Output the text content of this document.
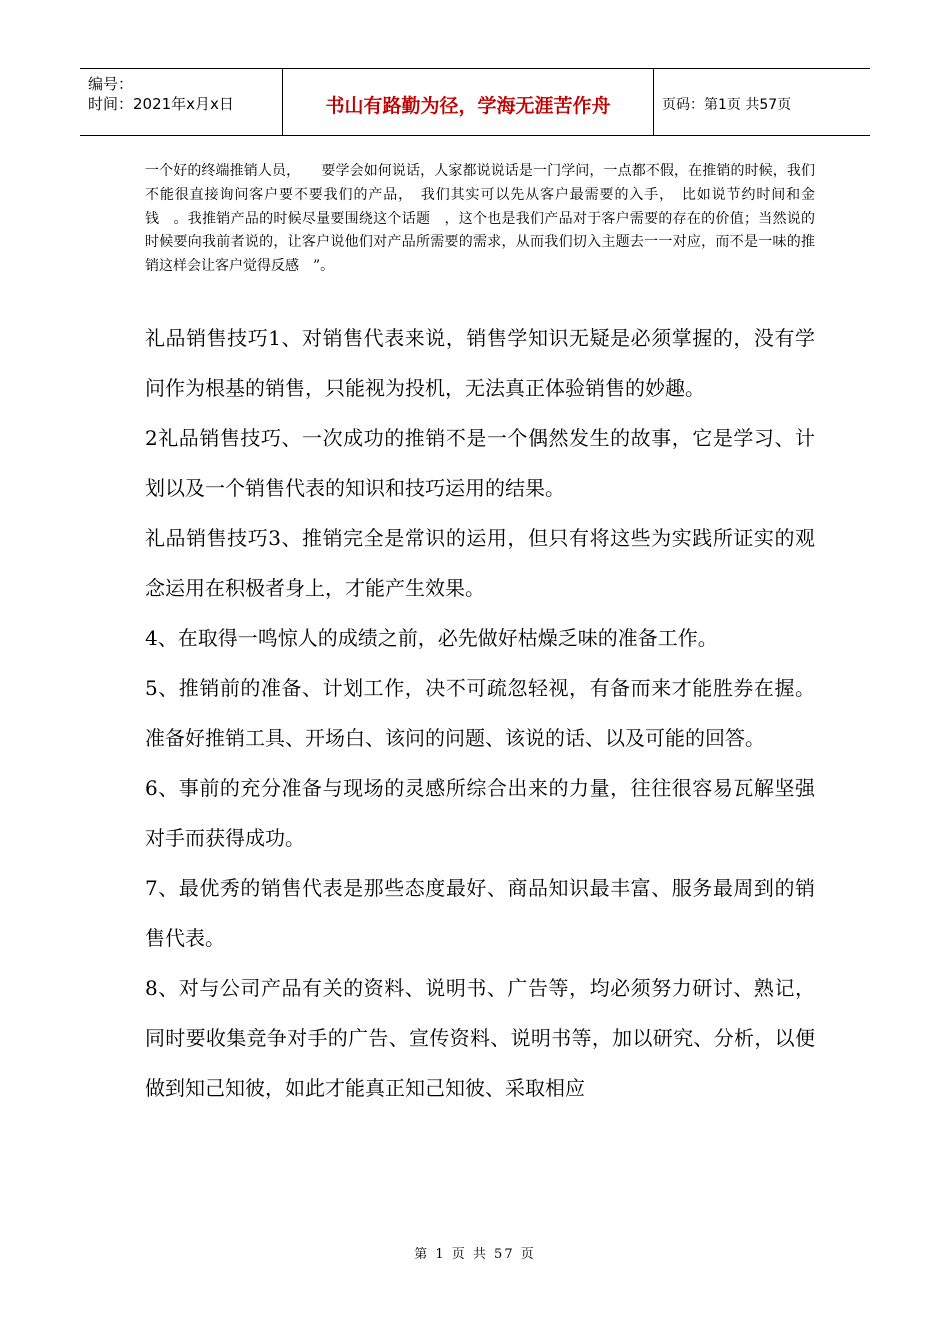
编号：
时间：2021年x月x日	书山有路勤为径，学海无涯苦作舟	页码：第1页 共57页

一个好的终端推销人员，　　要学会如何说话，人家都说说话是一门学问，一点都不假，在推销的时候，我们不能很直接询问客户要不要我们的产品，　我们其实可以先从客户最需要的入手，　比如说节约时间和金钱　。我推销产品的时候尽量要围绕这个话题　，这个也是我们产品对于客户需要的存在的价值；当然说的时候要向我前者说的，让客户说他们对产品所需要的需求，从而我们切入主题去一一对应，而不是一味的推销这样会让客户觉得反感　”。

礼品销售技巧1、对销售代表来说，销售学知识无疑是必须掌握的，没有学问作为根基的销售，只能视为投机，无法真正体验销售的妙趣。

2礼品销售技巧、一次成功的推销不是一个偶然发生的故事，它是学习、计划以及一个销售代表的知识和技巧运用的结果。

礼品销售技巧3、推销完全是常识的运用，但只有将这些为实践所证实的观念运用在积极者身上，才能产生效果。

4、在取得一鸣惊人的成绩之前，必先做好枯燥乏味的准备工作。

5、推销前的准备、计划工作，决不可疏忽轻视，有备而来才能胜券在握。准备好推销工具、开场白、该问的问题、该说的话、以及可能的回答。

6、事前的充分准备与现场的灵感所综合出来的力量，往往很容易瓦解坚强对手而获得成功。

7、最优秀的销售代表是那些态度最好、商品知识最丰富、服务最周到的销售代表。

8、对与公司产品有关的资料、说明书、广告等，均必须努力研讨、熟记，同时要收集竞争对手的广告、宣传资料、说明书等，加以研究、分析，以便做到知己知彼，如此才能真正知己知彼、采取相应

第 1 页 共 57 页
